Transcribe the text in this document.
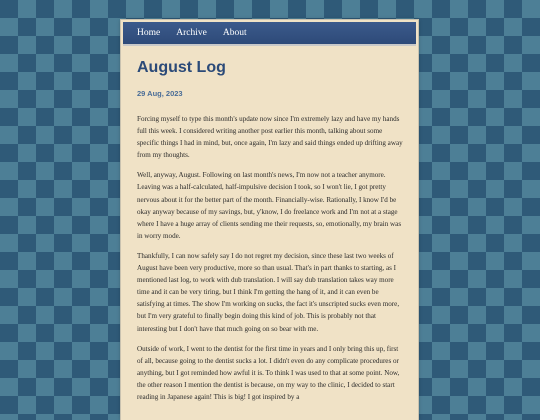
Home Archive About
August Log
29 Aug, 2023

Forcing myself to type this month's update now since I'm extremely lazy and have my hands full this week. I considered writing another post earlier this month, talking about some specific things I had in mind, but, once again, I'm lazy and said things ended up drifting away from my thoughts.

Well, anyway, August. Following on last month's news, I'm now not a teacher anymore. Leaving was a half-calculated, half-impulsive decision I took, so I won't lie, I got pretty nervous about it for the better part of the month. Financially-wise. Rationally, I know I'd be okay anyway because of my savings, but, y'know, I do freelance work and I'm not at a stage where I have a huge array of clients sending me their requests, so, emotionally, my brain was in worry mode.

Thankfully, I can now safely say I do not regret my decision, since these last two weeks of August have been very productive, more so than usual. That's in part thanks to starting, as I mentioned last log, to work with dub translation. I will say dub translation takes way more time and it can be very tiring, but I think I'm getting the hang of it, and it can even be satisfying at times. The show I'm working on sucks, the fact it's unscripted sucks even more, but I'm very grateful to finally begin doing this kind of job. This is probably not that interesting but I don't have that much going on so bear with me.

Outside of work, I went to the dentist for the first time in years and I only bring this up, first of all, because going to the dentist sucks a lot. I didn't even do any complicate procedures or anything, but I got reminded how awful it is. To think I was used to that at some point. Now, the other reason I mention the dentist is because, on my way to the clinic, I decided to start reading in Japanese again! This is big! I got inspired by a
